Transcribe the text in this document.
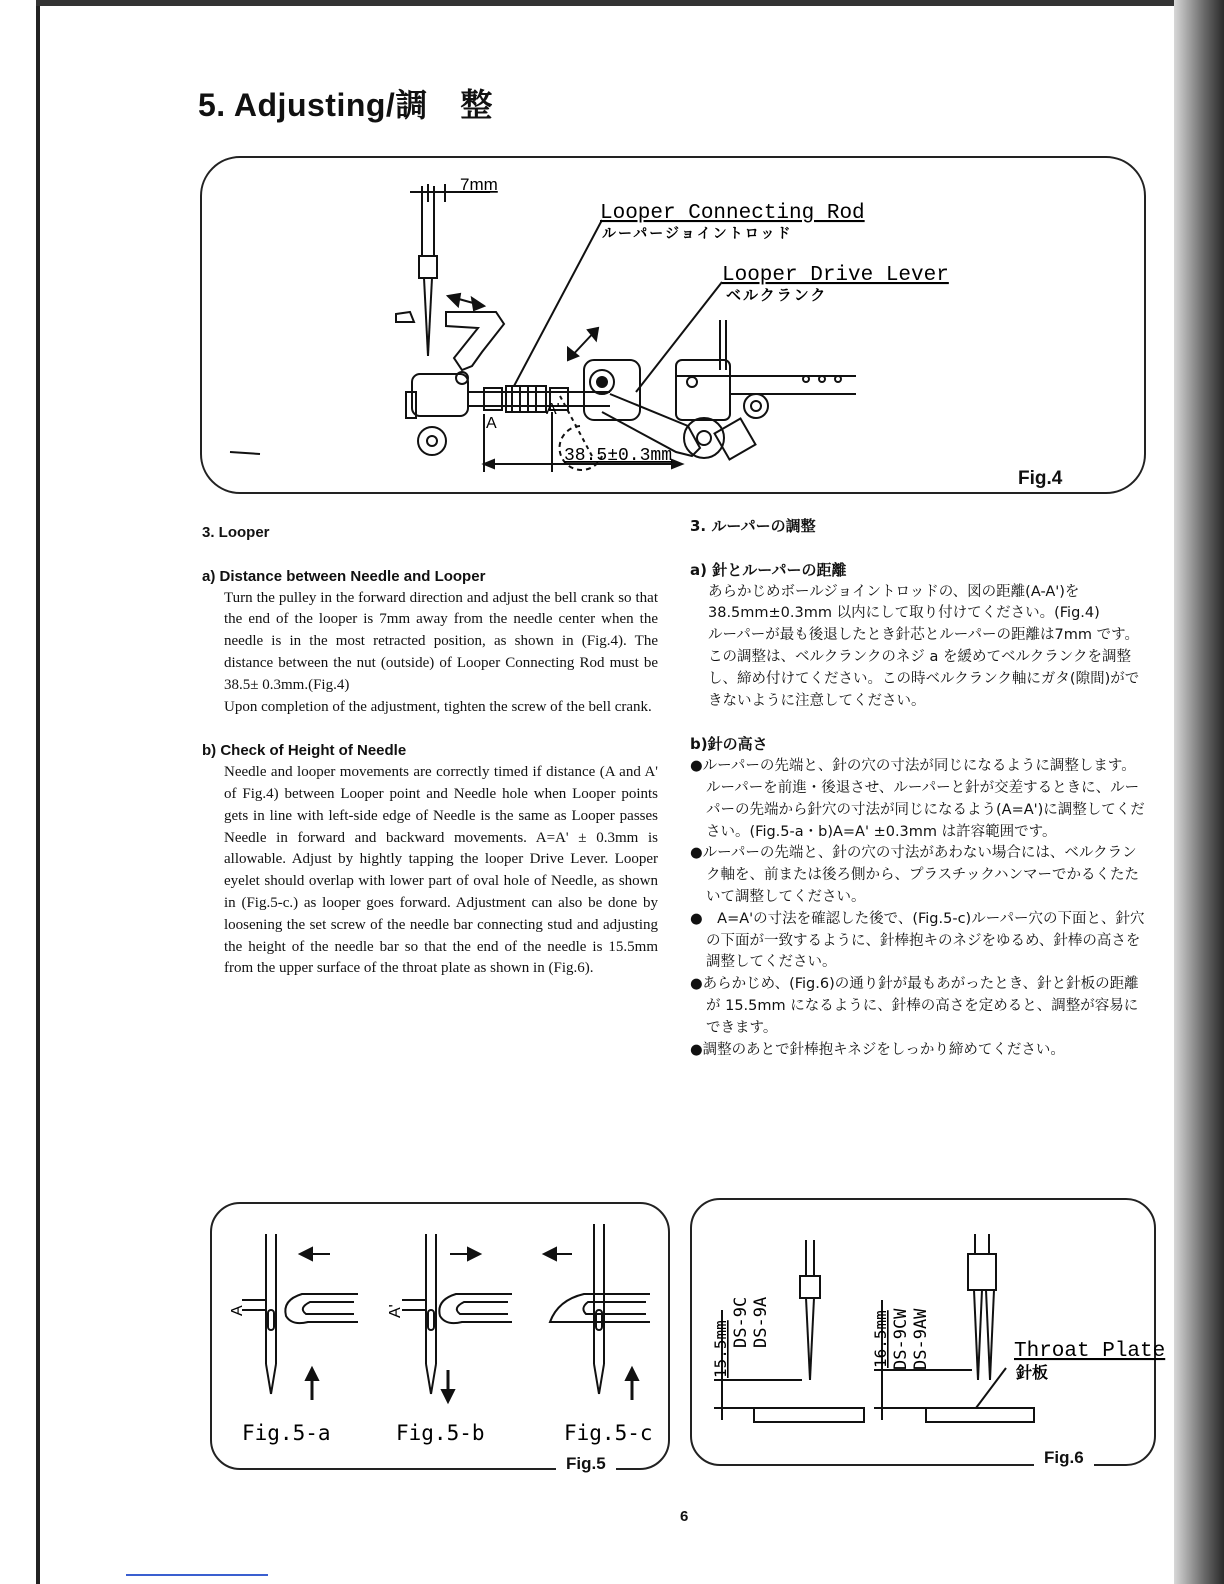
5. Adjusting/調　整
Fig.4
7mm
Looper Connecting Rod
ルーパージョイントロッド
Looper Drive Lever
ベルクランク
A
A'
38.5±0.3mm
3. Looper
a) Distance between Needle and Looper

Turn the pulley in the forward direction and adjust the bell crank so that the end of the looper is 7mm away from the needle center when the needle is in the most retracted position, as shown in (Fig.4). The distance between the nut (outside) of Looper Connecting Rod must be 38.5± 0.3mm.(Fig.4)

Upon completion of the adjustment, tighten the screw of the bell crank.

b) Check of Height of Needle

Needle and looper movements are correctly timed if distance (A and A' of Fig.4) between Looper point and Needle hole when Looper points gets in line with left-side edge of Needle is the same as Looper passes Needle in forward and backward movements. A=A' ± 0.3mm is allowable. Adjust by hightly tapping the looper Drive Lever. Looper eyelet should overlap with lower part of oval hole of Needle, as shown in (Fig.5-c.) as looper goes forward. Adjustment can also be done by loosening the set screw of the needle bar connecting stud and adjusting the height of the needle bar so that the end of the needle is 15.5mm from the upper surface of the throat plate as shown in (Fig.6).

3. ルーパーの調整
a) 針とルーパーの距離

あらかじめボールジョイントロッドの、図の距離(A-A')を38.5mm±0.3mm 以内にして取り付けてください。(Fig.4)

ルーパーが最も後退したとき針芯とルーパーの距離は7mm です。

この調整は、ベルクランクのネジ a を緩めてベルクランクを調整し、締め付けてください。この時ベルクランク軸にガタ(隙間)ができないように注意してください。

b)針の高さ

●ルーパーの先端と、針の穴の寸法が同じになるように調整します。ルーパーを前進・後退させ、ルーパーと針が交差するときに、ルーパーの先端から針穴の寸法が同じになるよう(A=A')に調整してください。(Fig.5-a・b)A=A' ±0.3mm は許容範囲です。

●ルーパーの先端と、針の穴の寸法があわない場合には、ベルクランク軸を、前または後ろ側から、プラスチックハンマーでかるくたたいて調整してください。

●　A=A'の寸法を確認した後で、(Fig.5-c)ルーパー穴の下面と、針穴の下面が一致するように、針棒抱キのネジをゆるめ、針棒の高さを調整してください。

●あらかじめ、(Fig.6)の通り針が最もあがったとき、針と針板の距離が 15.5mm になるように、針棒の高さを定めると、調整が容易にできます。

●調整のあとで針棒抱キネジをしっかり締めてください。

Fig.5
A	A'
Fig.5-a	Fig.5-b	Fig.5-c
Fig.6
15.5mm DS-9C DS-9A	16.5mm DS-9CW DS-9AW	Throat Plate
針板
6
